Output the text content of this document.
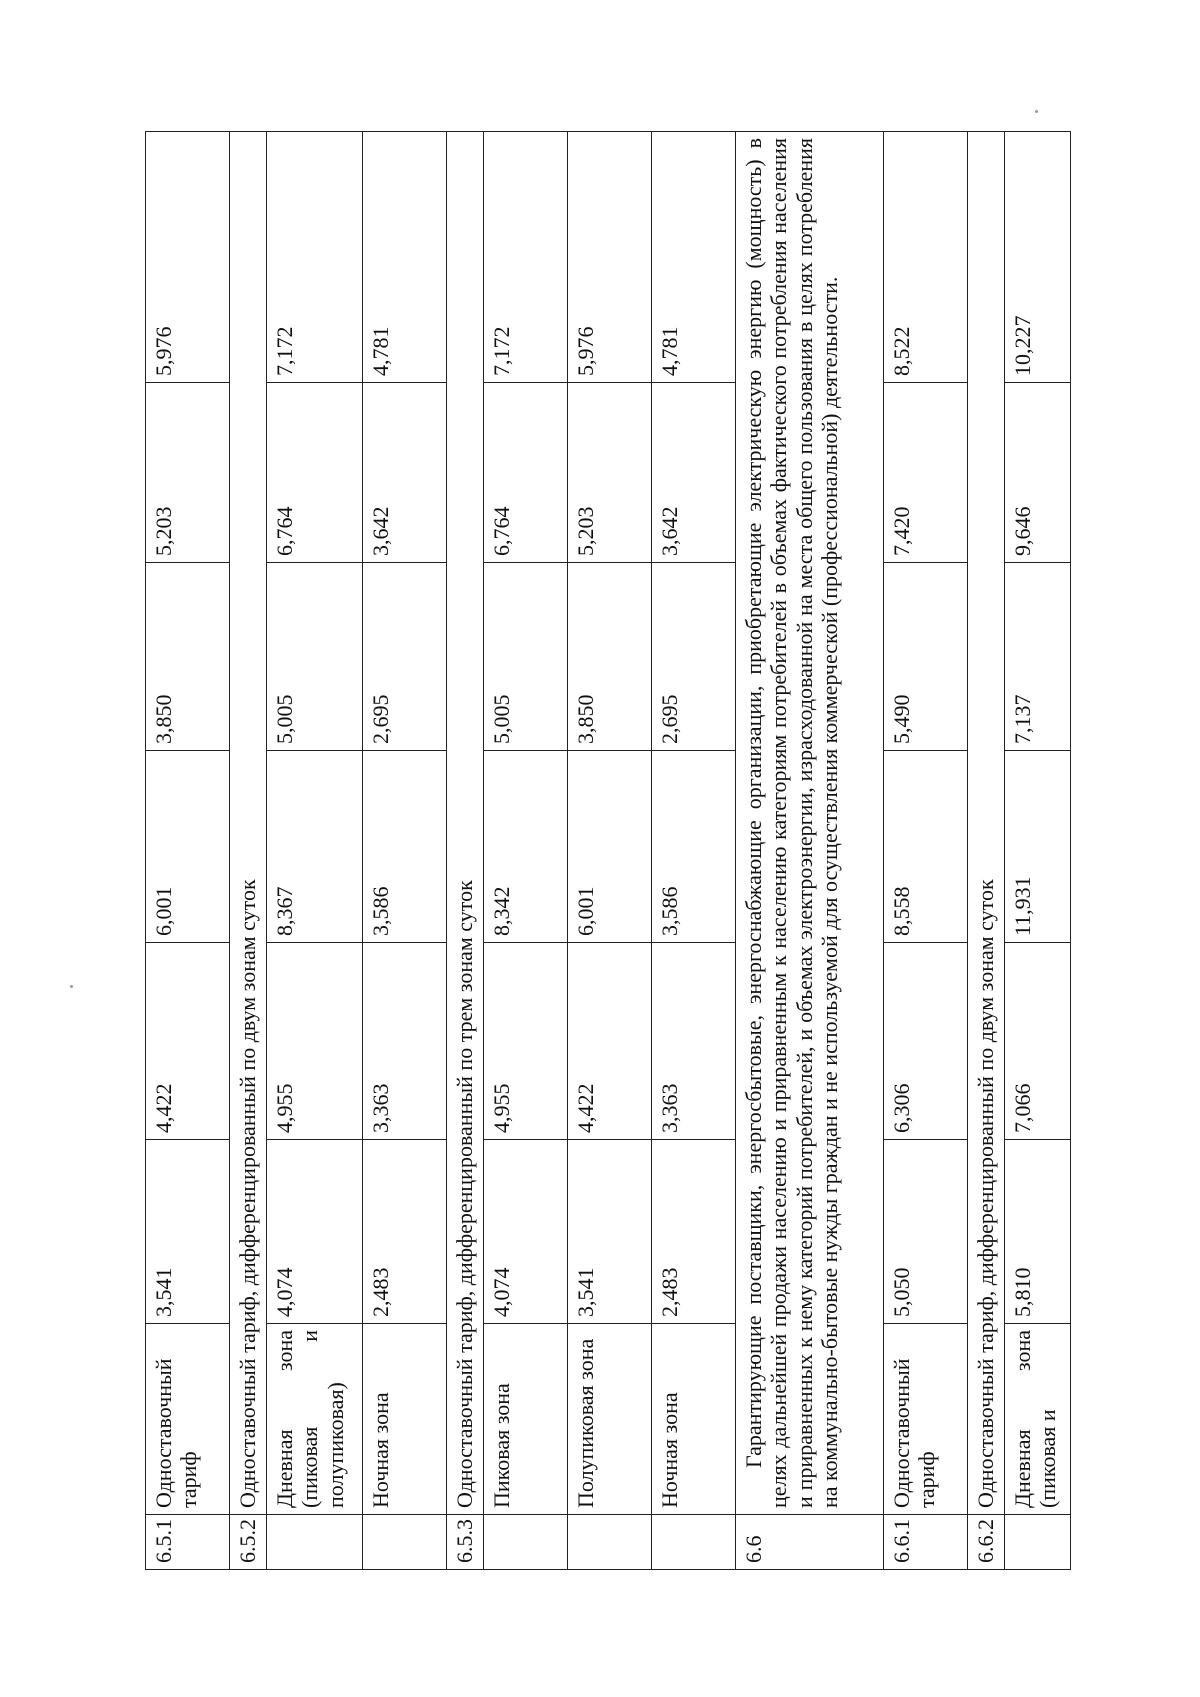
6.5.1	Одноставочный тариф	3,541	4,422	6,001	3,850	5,203	5,976
6.5.2	Одноставочный тариф, дифференцированный по двум зонам суток						
	Дневная зона (пиковая и полупиковая)	4,074	4,955	8,367	5,005	6,764	7,172
	Ночная зона	2,483	3,363	3,586	2,695	3,642	4,781
6.5.3	Одноставочный тариф, дифференцированный по трем зонам суток						
	Пиковая зона	4,074	4,955	8,342	5,005	6,764	7,172
	Полупиковая зона	3,541	4,422	6,001	3,850	5,203	5,976
	Ночная зона	2,483	3,363	3,586	2,695	3,642	4,781
6.6	Гарантирующие поставщики, энергосбытовые, энергоснабжающие организации, приобретающие электрическую энергию (мощность) в целях дальнейшей продажи населению и приравненным к населению категориям потребителей в объемах фактического потребления населения и приравненных к нему категорий потребителей, и объемах электроэнергии, израсходованной на места общего пользования в целях потребления на коммунально-бытовые нужды граждан и не используемой для осуществления коммерческой (профессиональной) деятельности.						
6.6.1	Одноставочный тариф	5,050	6,306	8,558	5,490	7,420	8,522
6.6.2	Одноставочный тариф, дифференцированный по двум зонам суток						
	Дневная зона (пиковая и	5,810	7,066	11,931	7,137	9,646	10,227
